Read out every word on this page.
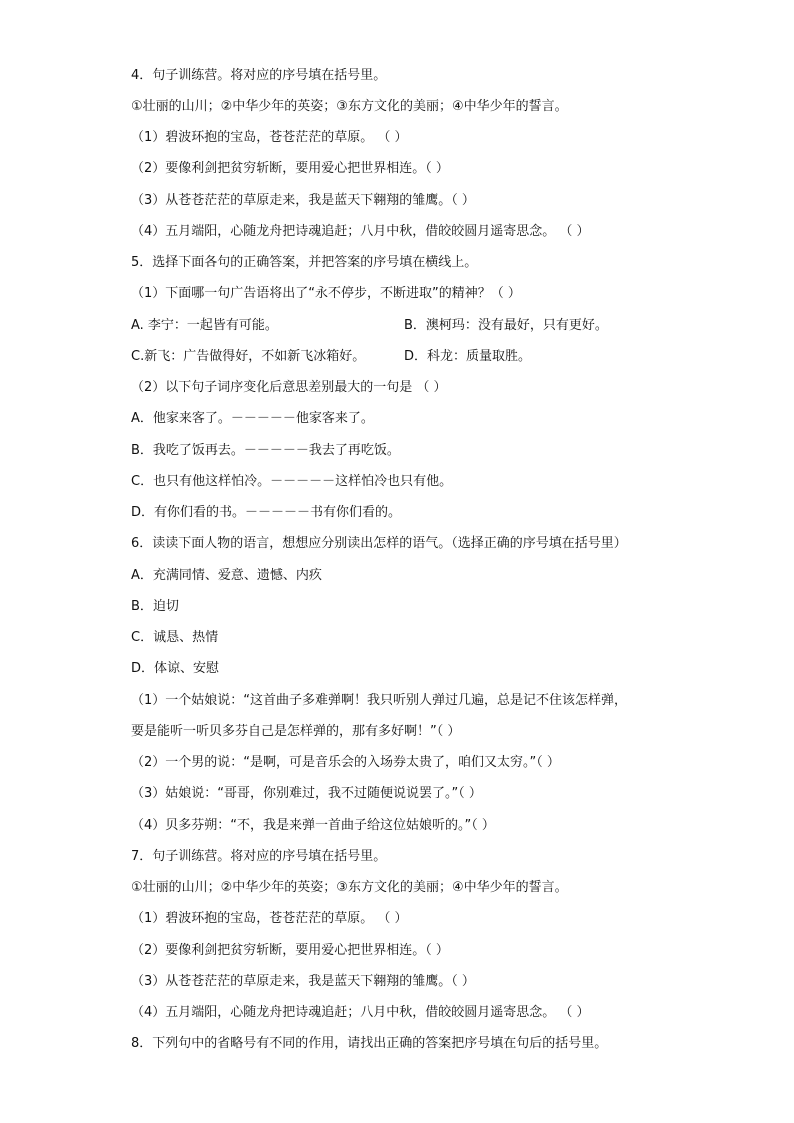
4．句子训练营。将对应的序号填在括号里。
①壮丽的山川；②中华少年的英姿；③东方文化的美丽；④中华少年的誓言。
（1）碧波环抱的宝岛，苍苍茫茫的草原。 （ ）
（2）要像利剑把贫穷斩断，要用爱心把世界相连。（ ）
（3）从苍苍茫茫的草原走来，我是蓝天下翱翔的雏鹰。（ ）
（4）五月端阳，心随龙舟把诗魂追赶；八月中秋，借皎皎圆月遥寄思念。 （ ）
5．选择下面各句的正确答案，并把答案的序号填在横线上。
（1）下面哪一句广告语将出了“永不停步，不断进取”的精神？（ ）
A. 李宁：一起皆有可能。	B．澳柯玛：没有最好，只有更好。
C.新飞：广告做得好，不如新飞冰箱好。	D．科龙：质量取胜。
（2）以下句子词序变化后意思差别最大的一句是 （ ）
A．他家来客了。－－－－－他家客来了。
B．我吃了饭再去。－－－－－我去了再吃饭。
C．也只有他这样怕冷。－－－－－这样怕冷也只有他。
D．有你们看的书。－－－－－书有你们看的。
6．读读下面人物的语言，想想应分别读出怎样的语气。（选择正确的序号填在括号里）
A．充满同情、爱意、遗憾、内疚
B．迫切
C．诚恳、热情
D．体谅、安慰
（1）一个姑娘说：“这首曲子多难弹啊！我只听别人弹过几遍，总是记不住该怎样弹，
要是能听一听贝多芬自己是怎样弹的，那有多好啊！”（ ）
（2）一个男的说：“是啊，可是音乐会的入场券太贵了，咱们又太穷。”（ ）
（3）姑娘说：“哥哥，你别难过，我不过随便说说罢了。”（ ）
（4）贝多芬朔：“不，我是来弹一首曲子给这位姑娘听的。”（ ）
7．句子训练营。将对应的序号填在括号里。
①壮丽的山川；②中华少年的英姿；③东方文化的美丽；④中华少年的誓言。
（1）碧波环抱的宝岛，苍苍茫茫的草原。 （ ）
（2）要像利剑把贫穷斩断，要用爱心把世界相连。（ ）
（3）从苍苍茫茫的草原走来，我是蓝天下翱翔的雏鹰。（ ）
（4）五月端阳，心随龙舟把诗魂追赶；八月中秋，借皎皎圆月遥寄思念。 （ ）
8．下列句中的省略号有不同的作用，请找出正确的答案把序号填在句后的括号里。
